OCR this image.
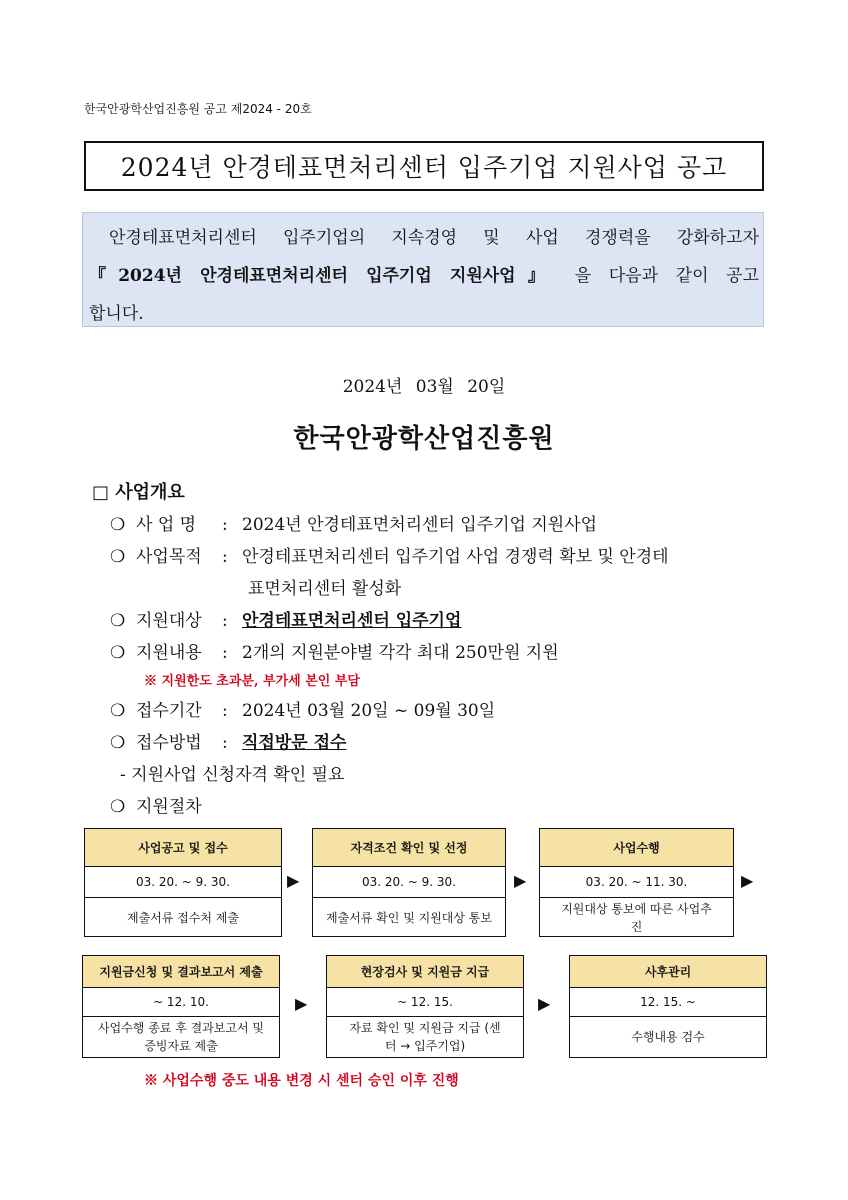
한국안광학산업진흥원 공고 제2024 - 20호
2024년 안경테표면처리센터 입주기업 지원사업 공고
안경테표면처리센터 입주기업의 지속경영 및 사업 경쟁력을 강화하고자
『2024년 안경테표면처리센터 입주기업 지원사업』 을 다음과 같이 공고
합니다.
2024년 03월 20일
한국안광학산업진흥원
□ 사업개요
❍ 사 업 명 : 2024년 안경테표면처리센터 입주기업 지원사업
❍ 사업목적 : 안경테표면처리센터 입주기업 사업 경쟁력 확보 및 안경테
표면처리센터 활성화
❍ 지원대상 : 안경테표면처리센터 입주기업
❍ 지원내용 : 2개의 지원분야별 각각 최대 250만원 지원
※ 지원한도 초과분, 부가세 본인 부담
❍ 접수기간 : 2024년 03월 20일 ~ 09월 30일
❍ 접수방법 : 직접방문 접수
- 지원사업 신청자격 확인 필요
❍ 지원절차
사업공고 및 접수
03. 20. ~ 9. 30.
제출서류 접수처 제출
▶
자격조건 확인 및 선정
03. 20. ~ 9. 30.
제출서류 확인 및 지원대상 통보
▶
사업수행
03. 20. ~ 11. 30.
지원대상 통보에 따른 사업추진
▶
지원금신청 및 결과보고서 제출
~ 12. 10.
사업수행 종료 후 결과보고서 및 증빙자료 제출
▶
현장검사 및 지원금 지급
~ 12. 15.
자료 확인 및 지원금 지급 (센터 → 입주기업)
▶
사후관리
12. 15. ~
수행내용 검수
※ 사업수행 중도 내용 변경 시 센터 승인 이후 진행
